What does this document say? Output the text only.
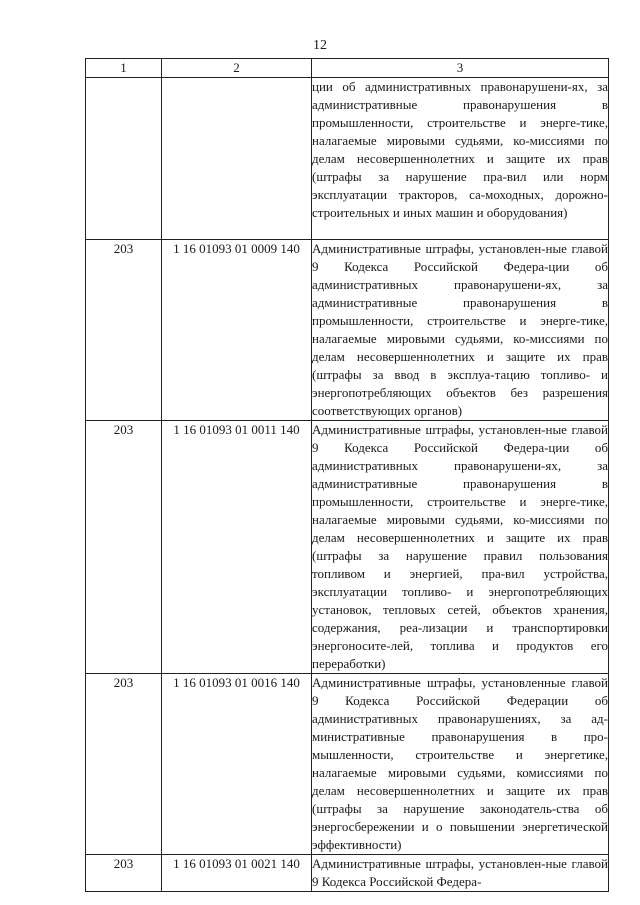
12
1	2	3

		ции об административных правонарушени-ях, за административные правонарушения в промышленности, строительстве и энерге-тике, налагаемые мировыми судьями, ко-миссиями по делам несовершеннолетних и защите их прав (штрафы за нарушение пра-вил или норм эксплуатации тракторов, са-моходных, дорожно-строительных и иных машин и оборудования)

203	1 16 01093 01 0009 140	Административные штрафы, установлен-ные главой 9 Кодекса Российской Федера-ции об административных правонарушени-ях, за административные правонарушения в промышленности, строительстве и энерге-тике, налагаемые мировыми судьями, ко-миссиями по делам несовершеннолетних и защите их прав (штрафы за ввод в эксплуа-тацию топливо- и энергопотребляющих объектов без разрешения соответствующих органов)

203	1 16 01093 01 0011 140	Административные штрафы, установлен-ные главой 9 Кодекса Российской Федера-ции об административных правонарушени-ях, за административные правонарушения в промышленности, строительстве и энерге-тике, налагаемые мировыми судьями, ко-миссиями по делам несовершеннолетних и защите их прав (штрафы за нарушение правил пользования топливом и энергией, пра-вил устройства, эксплуатации топливо- и энергопотребляющих установок, тепловых сетей, объектов хранения, содержания, реа-лизации и транспортировки энергоносите-лей, топлива и продуктов его переработки)

203	1 16 01093 01 0016 140	Административные штрафы, установленные главой 9 Кодекса Российской Федерации об административных правонарушениях, за ад-министративные правонарушения в про-мышленности, строительстве и энергетике, налагаемые мировыми судьями, комиссиями по делам несовершеннолетних и защите их прав (штрафы за нарушение законодатель-ства об энергосбережении и о повышении энергетической эффективности)

203	1 16 01093 01 0021 140	Административные штрафы, установлен-ные главой 9 Кодекса Российской Федера-
